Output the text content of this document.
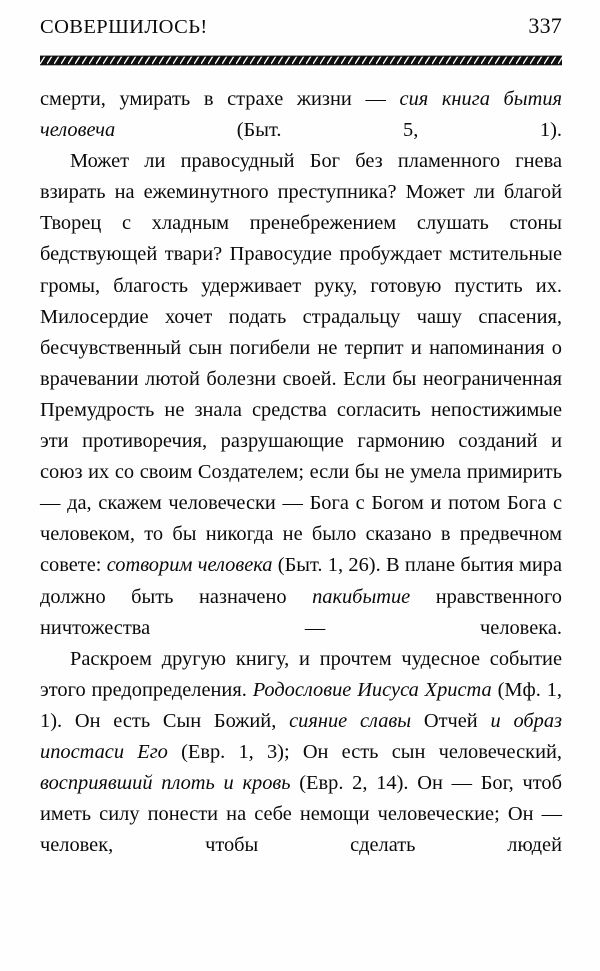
СОВЕРШИЛОСЬ!	337

смерти, умирать в страхе жизни — сия книга бытия человеча (Быт. 5, 1).

Может ли правосудный Бог без пламенного гнева взирать на ежеминутного преступника? Может ли благой Творец с хладным пренебрежением слушать стоны бедствующей твари? Правосудие пробуждает мстительные громы, благость удерживает руку, готовую пустить их. Милосердие хочет подать страдальцу чашу спасения, бесчувственный сын погибели не терпит и напоминания о врачевании лютой болезни своей. Если бы неограниченная Премудрость не знала средства согласить непостижимые эти противоречия, разрушающие гармонию созданий и союз их со своим Создателем; если бы не умела примирить — да, скажем человечески — Бога с Богом и потом Бога с человеком, то бы никогда не было сказано в предвечном совете: сотворим человека (Быт. 1, 26). В плане бытия мира должно быть назначено пакибытие нравственного ничтожества — человека.

Раскроем другую книгу, и прочтем чудесное событие этого предопределения. Родословие Иисуса Христа (Мф. 1, 1). Он есть Сын Божий, сияние славы Отчей и образ ипостаси Его (Евр. 1, 3); Он есть сын человеческий, восприявший плоть и кровь (Евр. 2, 14). Он — Бог, чтоб иметь силу понести на себе немощи человеческие; Он — человек, чтобы сделать людей
